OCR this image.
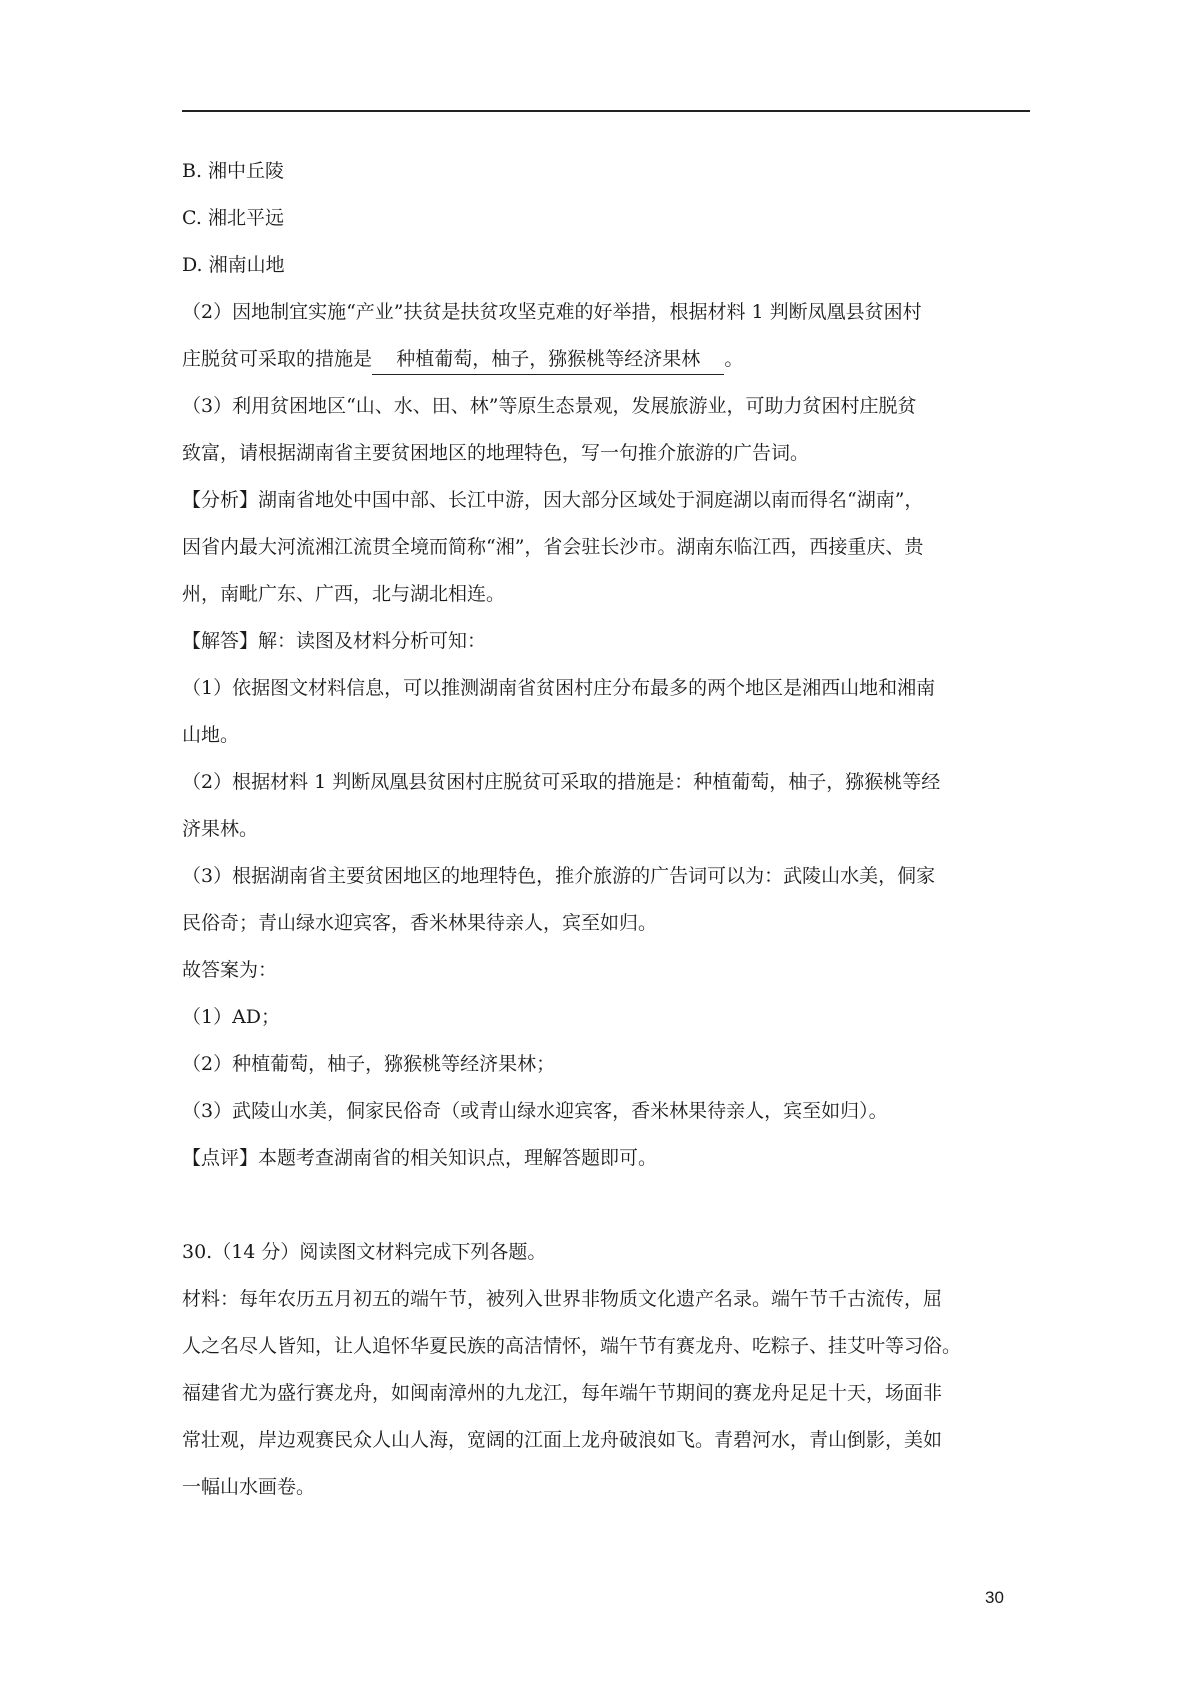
B. 湘中丘陵
C. 湘北平远
D. 湘南山地
（2）因地制宜实施“产业”扶贫是扶贫攻坚克难的好举措，根据材料 1 判断凤凰县贫困村
庄脱贫可采取的措施是 种植葡萄，柚子，猕猴桃等经济果林 。
（3）利用贫困地区“山、水、田、林”等原生态景观，发展旅游业，可助力贫困村庄脱贫
致富，请根据湖南省主要贫困地区的地理特色，写一句推介旅游的广告词。
【分析】湖南省地处中国中部、长江中游，因大部分区域处于洞庭湖以南而得名“湖南”，
因省内最大河流湘江流贯全境而简称“湘”，省会驻长沙市。湖南东临江西，西接重庆、贵
州，南毗广东、广西，北与湖北相连。
【解答】解：读图及材料分析可知：
（1）依据图文材料信息，可以推测湖南省贫困村庄分布最多的两个地区是湘西山地和湘南
山地。
（2）根据材料 1 判断凤凰县贫困村庄脱贫可采取的措施是：种植葡萄，柚子，猕猴桃等经
济果林。
（3）根据湖南省主要贫困地区的地理特色，推介旅游的广告词可以为：武陵山水美，侗家
民俗奇；青山绿水迎宾客，香米林果待亲人，宾至如归。
故答案为：
（1）AD；
（2）种植葡萄，柚子，猕猴桃等经济果林；
（3）武陵山水美，侗家民俗奇（或青山绿水迎宾客，香米林果待亲人，宾至如归）。
【点评】本题考查湖南省的相关知识点，理解答题即可。
30.（14 分）阅读图文材料完成下列各题。
材料：每年农历五月初五的端午节，被列入世界非物质文化遗产名录。端午节千古流传，屈
人之名尽人皆知，让人追怀华夏民族的高洁情怀，端午节有赛龙舟、吃粽子、挂艾叶等习俗。
福建省尤为盛行赛龙舟，如闽南漳州的九龙江，每年端午节期间的赛龙舟足足十天，场面非
常壮观，岸边观赛民众人山人海，宽阔的江面上龙舟破浪如飞。青碧河水，青山倒影，美如
一幅山水画卷。
30
